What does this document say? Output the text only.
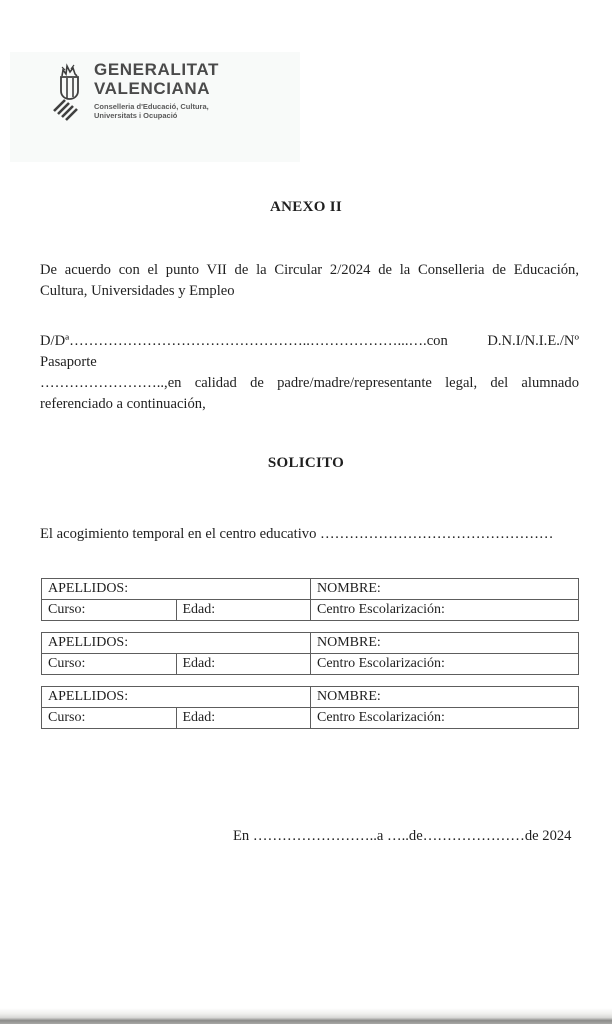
GENERALITAT
VALENCIANA
Conselleria d'Educació, Cultura,
Universitats i Ocupació
ANEXO II
De acuerdo con el punto VII de la Circular 2/2024 de la Conselleria de Educación,
Cultura, Universidades y Empleo
D/Dª…………………………………………..………………...….con D.N.I/N.I.E./Nº Pasaporte
……………………..,en calidad de padre/madre/representante legal, del alumnado
referenciado a continuación,
SOLICITO
El acogimiento temporal en el centro educativo …………………………………………
APELLIDOS:		NOMBRE:
Curso:	Edad:	Centro Escolarización:
APELLIDOS:		NOMBRE:
Curso:	Edad:	Centro Escolarización:
APELLIDOS:		NOMBRE:
Curso:	Edad:	Centro Escolarización:
En ……………………..a …..de…………………de 2024
